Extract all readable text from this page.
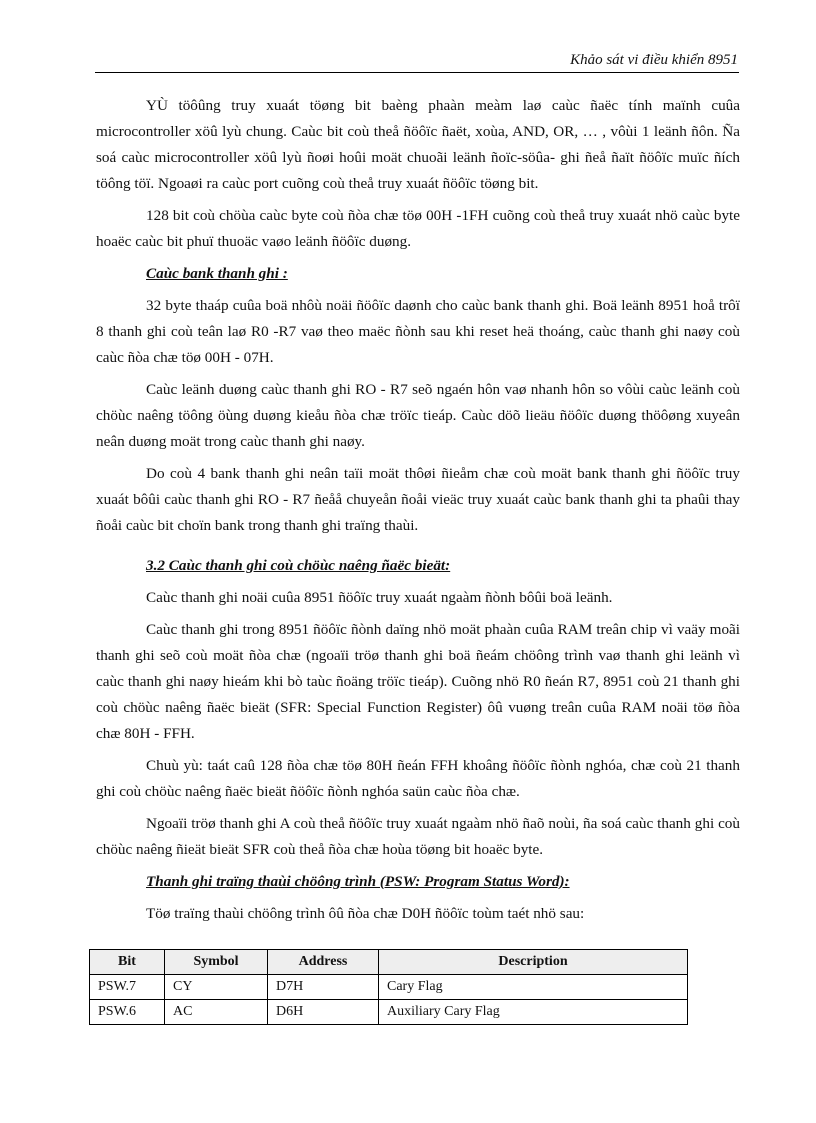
Khảo sát vi điều khiển 8951

YÙ töôûng truy xuaát töøng bit baèng phaàn meàm laø caùc ñaëc tính maïnh cuûa microcontroller xöû lyù chung. Caùc bit coù theå ñöôïc ñaët, xoùa, AND, OR, … , vôùi 1 leänh ñôn. Ña soá caùc microcontroller xöû lyù ñoøi hoûi moät chuoãi leänh ñoïc-söûa- ghi ñeå ñaït ñöôïc muïc ñích töông töï. Ngoaøi ra caùc port cuõng coù theå truy xuaát ñöôïc töøng bit.

128 bit coù chöùa caùc byte coù ñòa chæ töø 00H -1FH cuõng coù theå truy xuaát nhö caùc byte hoaëc caùc bit phuï thuoäc vaøo leänh ñöôïc duøng.

Caùc bank thanh ghi :

32 byte thaáp cuûa boä nhôù noäi ñöôïc daønh cho caùc bank thanh ghi. Boä leänh 8951 hoå trôï 8 thanh ghi coù teân laø R0 -R7 vaø theo maëc ñònh sau khi reset heä thoáng, caùc thanh ghi naøy coù caùc ñòa chæ töø 00H - 07H.

Caùc leänh duøng caùc thanh ghi RO - R7 seõ ngaén hôn vaø nhanh hôn so vôùi caùc leänh coù chöùc naêng töông öùng duøng kieåu ñòa chæ tröïc tieáp. Caùc döõ lieäu ñöôïc duøng thöôøng xuyeân neân duøng moät trong caùc thanh ghi naøy.

Do coù 4 bank thanh ghi neân taïi moät thôøi ñieåm chæ coù moät bank thanh ghi ñöôïc truy xuaát bôûi caùc thanh ghi RO - R7 ñeåå chuyeån ñoåi vieäc truy xuaát caùc bank thanh ghi ta phaûi thay ñoåi caùc bit choïn bank trong thanh ghi traïng thaùi.

3.2 Caùc thanh ghi coù chöùc naêng ñaëc bieät:

Caùc thanh ghi noäi cuûa 8951 ñöôïc truy xuaát ngaàm ñònh bôûi boä leänh.

Caùc thanh ghi trong 8951 ñöôïc ñònh daïng nhö moät phaàn cuûa RAM treân chip vì vaäy moãi thanh ghi seõ coù moät ñòa chæ (ngoaïi tröø thanh ghi boä ñeám chöông trình vaø thanh ghi leänh vì caùc thanh ghi naøy hieám khi bò taùc ñoäng tröïc tieáp). Cuõng nhö R0 ñeán R7, 8951 coù 21 thanh ghi coù chöùc naêng ñaëc bieät (SFR: Special Function Register) ôû vuøng treân cuûa RAM noäi töø ñòa chæ 80H - FFH.

Chuù yù: taát caû 128 ñòa chæ töø 80H ñeán FFH khoâng ñöôïc ñònh nghóa, chæ coù 21 thanh ghi coù chöùc naêng ñaëc bieät ñöôïc ñònh nghóa saün caùc ñòa chæ.

Ngoaïi tröø thanh ghi A coù theå ñöôïc truy xuaát ngaàm nhö ñaõ noùi, ña soá caùc thanh ghi coù chöùc naêng ñieät bieät SFR coù theå ñòa chæ hoùa töøng bit hoaëc byte.

Thanh ghi traïng thaùi chöông trình (PSW: Program Status Word):

Töø traïng thaùi chöông trình ôû ñòa chæ D0H ñöôïc toùm taét nhö sau:

Bit	Symbol	Address	Description
PSW.7	CY	D7H	Cary Flag
PSW.6	AC	D6H	Auxiliary Cary Flag
